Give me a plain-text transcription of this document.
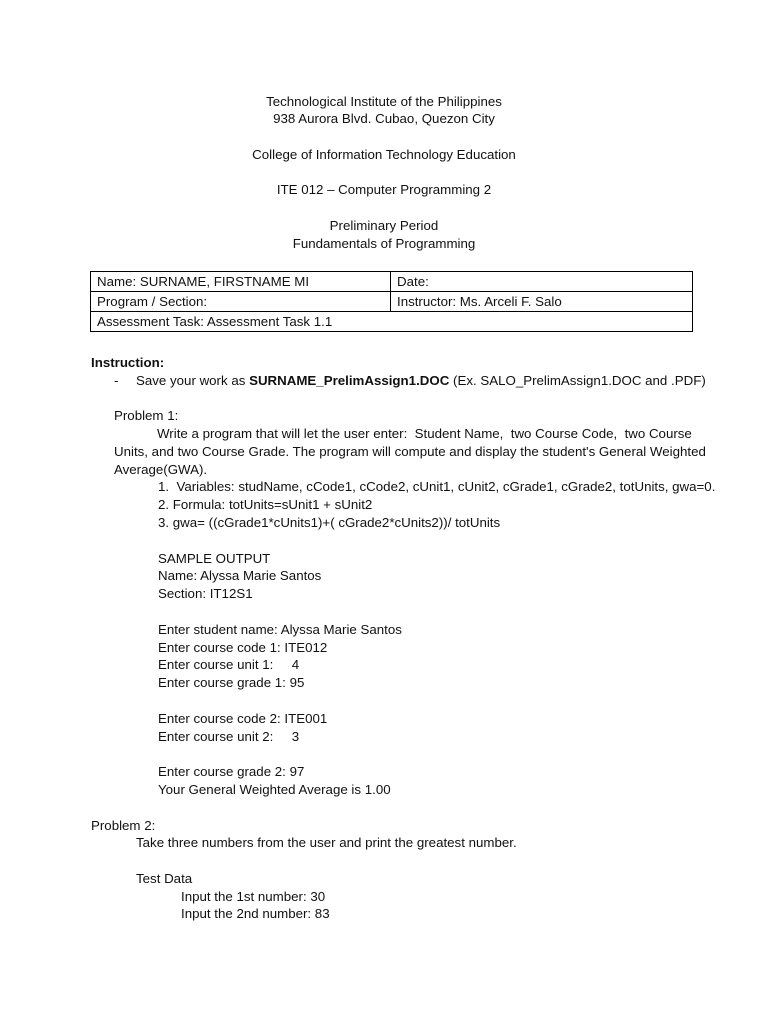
Technological Institute of the Philippines
938 Aurora Blvd. Cubao, Quezon City
College of Information Technology Education
ITE 012 – Computer Programming 2
Preliminary Period
Fundamentals of Programming
Name: SURNAME, FIRSTNAME MI	Date:
Program / Section:	Instructor: Ms. Arceli F. Salo
Assessment Task: Assessment Task 1.1	
Instruction:
- Save your work as SURNAME_PrelimAssign1.DOC (Ex. SALO_PrelimAssign1.DOC and .PDF)
Problem 1:
Write a program that will let the user enter:  Student Name,  two Course Code,  two Course
Units, and two Course Grade. The program will compute and display the student's General Weighted
Average(GWA).
1.  Variables: studName, cCode1, cCode2, cUnit1, cUnit2, cGrade1, cGrade2, totUnits, gwa=0.
2. Formula: totUnits=sUnit1 + sUnit2
3. gwa= ((cGrade1*cUnits1)+( cGrade2*cUnits2))/ totUnits
SAMPLE OUTPUT
Name: Alyssa Marie Santos
Section: IT12S1
Enter student name: Alyssa Marie Santos
Enter course code 1: ITE012
Enter course unit 1:     4
Enter course grade 1: 95
Enter course code 2: ITE001
Enter course unit 2:     3
Enter course grade 2: 97
Your General Weighted Average is 1.00
Problem 2:
Take three numbers from the user and print the greatest number.
Test Data
Input the 1st number: 30
Input the 2nd number: 83
